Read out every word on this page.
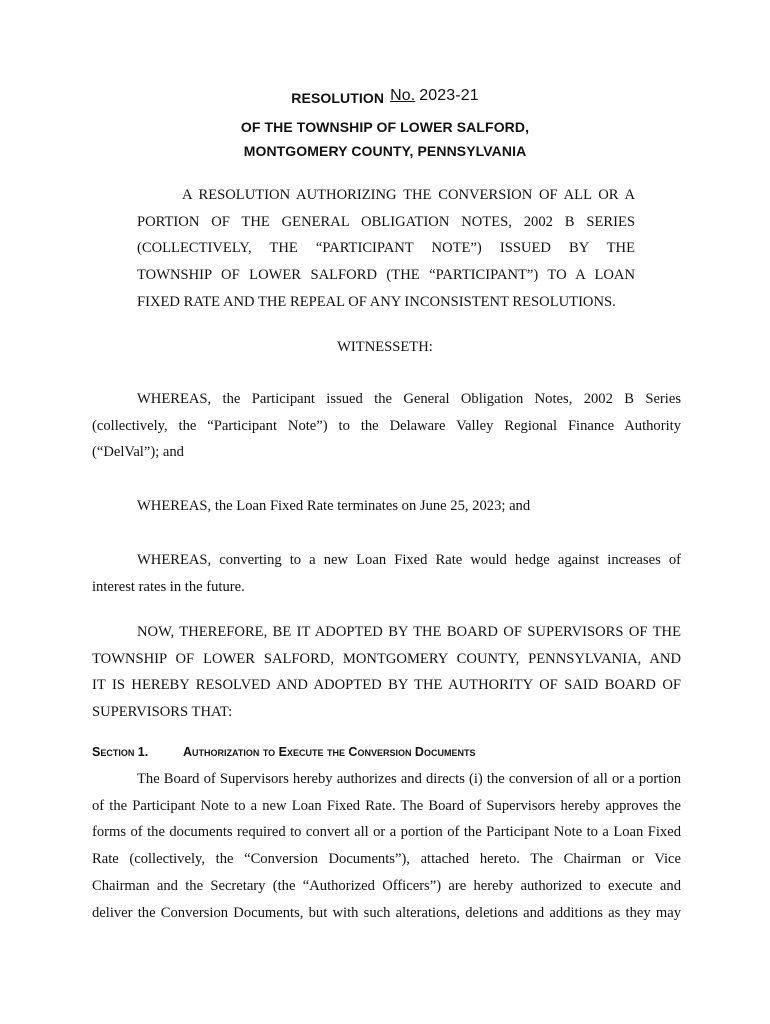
RESOLUTION No. 2023-21
OF THE TOWNSHIP OF LOWER SALFORD,
MONTGOMERY COUNTY, PENNSYLVANIA
A RESOLUTION AUTHORIZING THE CONVERSION OF ALL OR A
PORTION OF THE GENERAL OBLIGATION NOTES, 2002 B SERIES
(COLLECTIVELY, THE “PARTICIPANT NOTE”) ISSUED BY THE
TOWNSHIP OF LOWER SALFORD (THE “PARTICIPANT”) TO A LOAN
FIXED RATE AND THE REPEAL OF ANY INCONSISTENT RESOLUTIONS.
WITNESSETH:
WHEREAS, the Participant issued the General Obligation Notes, 2002 B Series
(collectively, the “Participant Note”) to the Delaware Valley Regional Finance Authority
(“DelVal”); and
WHEREAS, the Loan Fixed Rate terminates on June 25, 2023; and
WHEREAS, converting to a new Loan Fixed Rate would hedge against increases of
interest rates in the future.
NOW, THEREFORE, BE IT ADOPTED BY THE BOARD OF SUPERVISORS OF THE
TOWNSHIP OF LOWER SALFORD, MONTGOMERY COUNTY, PENNSYLVANIA, AND
IT IS HEREBY RESOLVED AND ADOPTED BY THE AUTHORITY OF SAID BOARD OF
SUPERVISORS THAT:
Section 1.	Authorization to Execute the Conversion Documents
The Board of Supervisors hereby authorizes and directs (i) the conversion of all or a portion
of the Participant Note to a new Loan Fixed Rate. The Board of Supervisors hereby approves the
forms of the documents required to convert all or a portion of the Participant Note to a Loan Fixed
Rate (collectively, the “Conversion Documents”), attached hereto. The Chairman or Vice
Chairman and the Secretary (the “Authorized Officers”) are hereby authorized to execute and
deliver the Conversion Documents, but with such alterations, deletions and additions as they may
